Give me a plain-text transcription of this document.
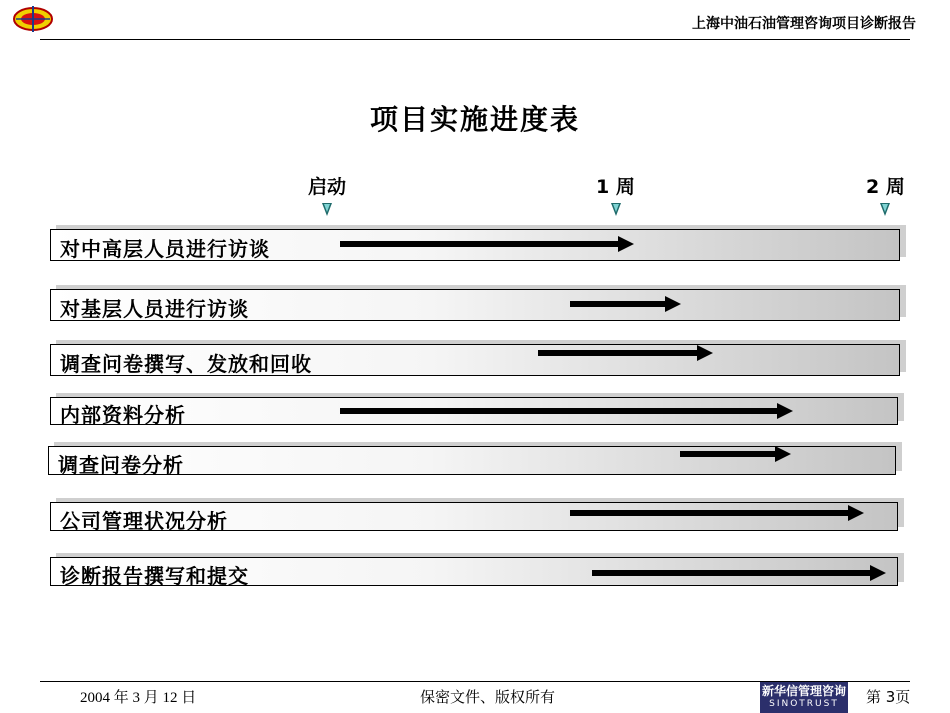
上海中油石油管理咨询项目诊断报告
项目实施进度表
启动	1 周	2 周
对中高层人员进行访谈
对基层人员进行访谈
调查问卷撰写、发放和回收
内部资料分析
调查问卷分析
公司管理状况分析
诊断报告撰写和提交
2004 年 3 月 12 日	保密文件、版权所有	新华信管理咨询
SINOTRUST	第 3页
